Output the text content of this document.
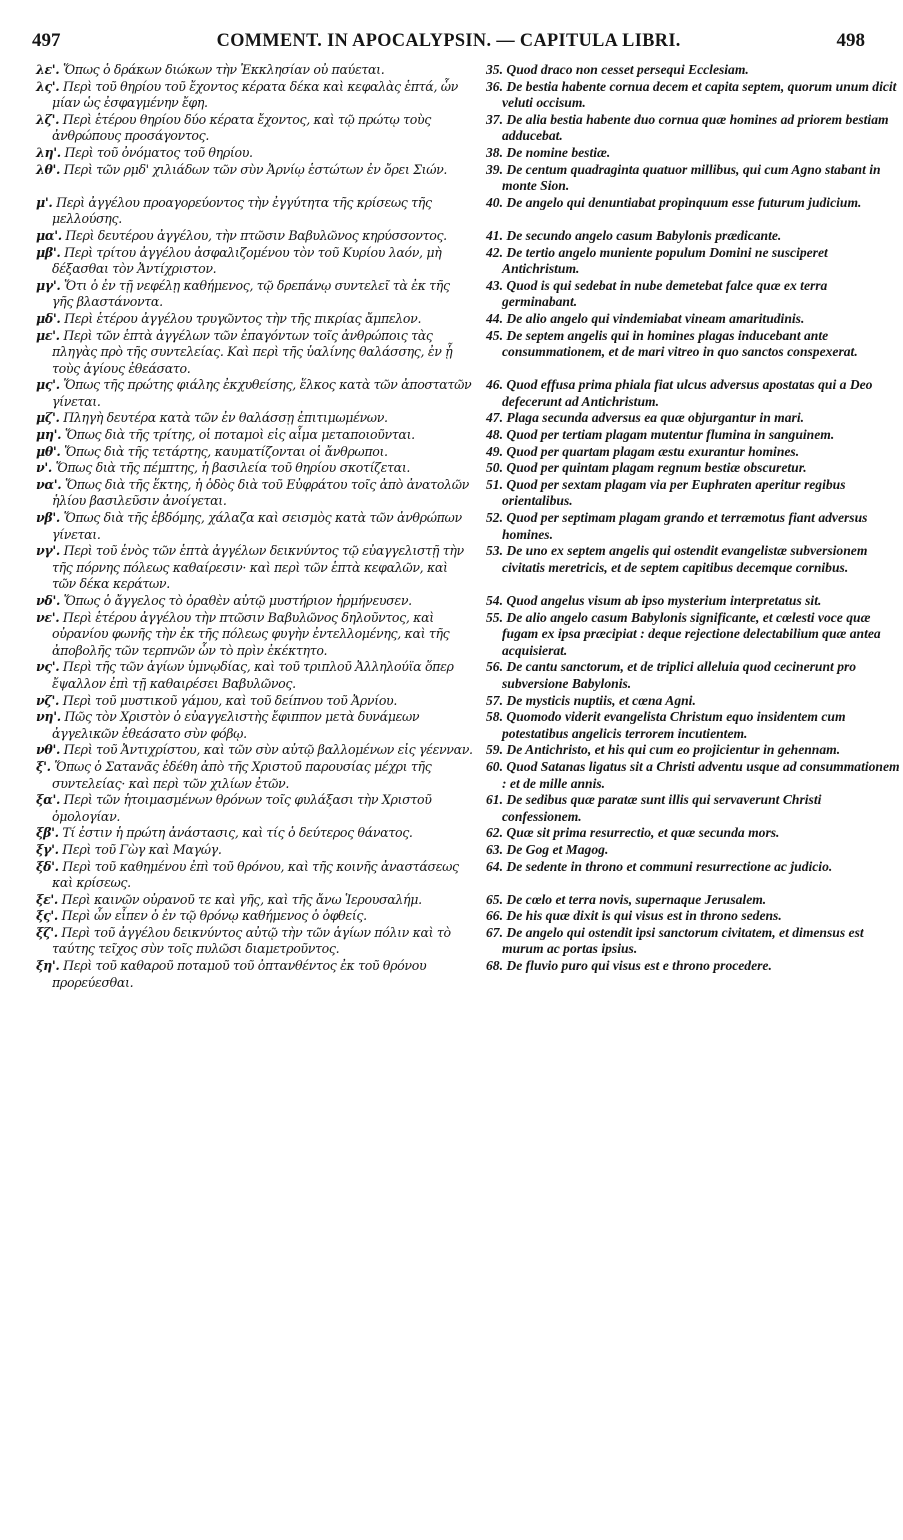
497	COMMENT. IN APOCALYPSIN. — CAPITULA LIBRI.	498
λε'. Ὅπως ὁ δράκων διώκων τὴν Ἐκκλησίαν οὐ παύεται.	35. Quod draco non cesset persequi Ecclesiam.
λς'. Περὶ τοῦ θηρίου τοῦ ἔχοντος κέρατα δέκα καὶ κεφαλὰς ἑπτά, ὧν μίαν ὡς ἐσφαγμένην ἔφη.
36. De bestia habente cornua decem et capita septem, quorum unum dicit veluti occisum.
λζ'. Περὶ ἑτέρου θηρίου δύο κέρατα ἔχοντος, καὶ τῷ πρώτῳ τοὺς ἀνθρώπους προσάγοντος.
37. De alia bestia habente duo cornua quæ homines ad priorem bestiam adducebat.
λη'. Περὶ τοῦ ὀνόματος τοῦ θηρίου.	38. De nomine bestiæ.
λθ'. Περὶ τῶν ρμδ' χιλιάδων τῶν σὺν Ἀρνίῳ ἑστώτων ἐν ὄρει Σιών.	39. De centum quadraginta quatuor millibus, qui cum Agno stabant in monte Sion.
μ'. Περὶ ἀγγέλου προαγορεύοντος τὴν ἐγγύτητα τῆς κρίσεως τῆς μελλούσης.
40. De angelo qui denuntiabat propinquum esse futurum judicium.
μα'. Περὶ δευτέρου ἀγγέλου, τὴν πτῶσιν Βαβυλῶνος κηρύσσοντος.	41. De secundo angelo casum Babylonis prædicante.
μβ'. Περὶ τρίτου ἀγγέλου ἀσφαλιζομένου τὸν τοῦ Κυρίου λαόν, μὴ δέξασθαι τὸν Ἀντίχριστον.
42. De tertio angelo muniente populum Domini ne susciperet Antichristum.
μγ'. Ὅτι ὁ ἐν τῇ νεφέλῃ καθήμενος, τῷ δρεπάνῳ συντελεῖ τὰ ἐκ τῆς γῆς βλαστάνοντα.
43. Quod is qui sedebat in nube demetebat falce quæ ex terra germinabant.
μδ'. Περὶ ἑτέρου ἀγγέλου τρυγῶντος τὴν τῆς πικρίας ἄμπελον.	44. De alio angelo qui vindemiabat vineam amaritudinis.
με'. Περὶ τῶν ἑπτὰ ἀγγέλων τῶν ἐπαγόντων τοῖς ἀνθρώποις τὰς πληγὰς πρὸ τῆς συντελείας. Καὶ περὶ τῆς ὑαλίνης θαλάσσης, ἐν ᾗ τοὺς ἁγίους ἐθεάσατο.
45. De septem angelis qui in homines plagas inducebant ante consummationem, et de mari vitreo in quo sanctos conspexerat.
μς'. Ὅπως τῆς πρώτης φιάλης ἐκχυθείσης, ἕλκος κατὰ τῶν ἀποστατῶν γίνεται.
46. Quod effusa prima phiala fiat ulcus adversus apostatas qui a Deo defecerunt ad Antichristum.
μζ'. Πληγὴ δευτέρα κατὰ τῶν ἐν θαλάσσῃ ἐπιτιμωμένων.	47. Plaga secunda adversus ea quæ objurgantur in mari.
μη'. Ὅπως διὰ τῆς τρίτης, οἱ ποταμοὶ εἰς αἷμα μεταποιοῦνται.	48. Quod per tertiam plagam mutentur flumina in sanguinem.
μθ'. Ὅπως διὰ τῆς τετάρτης, καυματίζονται οἱ ἄνθρωποι.	49. Quod per quartam plagam æstu exurantur homines.
ν'. Ὅπως διὰ τῆς πέμπτης, ἡ βασιλεία τοῦ θηρίου σκοτίζεται.	50. Quod per quintam plagam regnum bestiæ obscuretur.
να'. Ὅπως διὰ τῆς ἕκτης, ἡ ὁδὸς διὰ τοῦ Εὐφράτου τοῖς ἀπὸ ἀνατολῶν ἡλίου βασιλεῦσιν ἀνοίγεται.
51. Quod per sextam plagam via per Euphraten aperitur regibus orientalibus.
νβ'. Ὅπως διὰ τῆς ἑβδόμης, χάλαζα καὶ σεισμὸς κατὰ τῶν ἀνθρώπων γίνεται.
52. Quod per septimam plagam grando et terræmotus fiant adversus homines.
νγ'. Περὶ τοῦ ἑνὸς τῶν ἑπτὰ ἀγγέλων δεικνύντος τῷ εὐαγγελιστῇ τὴν τῆς πόρνης πόλεως καθαίρεσιν· καὶ περὶ τῶν ἑπτὰ κεφαλῶν, καὶ τῶν δέκα κεράτων.
53. De uno ex septem angelis qui ostendit evangelistæ subversionem civitatis meretricis, et de septem capitibus decemque cornibus.
νδ'. Ὅπως ὁ ἄγγελος τὸ ὁραθὲν αὐτῷ μυστήριον ἡρμήνευσεν.	54. Quod angelus visum ab ipso mysterium interpretatus sit.
νε'. Περὶ ἑτέρου ἀγγέλου τὴν πτῶσιν Βαβυλῶνος δηλοῦντος, καὶ οὐρανίου φωνῆς τὴν ἐκ τῆς πόλεως φυγὴν ἐντελλομένης, καὶ τῆς ἀποβολῆς τῶν τερπνῶν ὧν τὸ πρὶν ἐκέκτητο.
55. De alio angelo casum Babylonis significante, et cœlesti voce quæ fugam ex ipsa præcipiat : deque rejectione delectabilium quæ antea acquisierat.
νς'. Περὶ τῆς τῶν ἁγίων ὑμνῳδίας, καὶ τοῦ τριπλοῦ Ἀλληλούϊα ὅπερ ἔψαλλον ἐπὶ τῇ καθαιρέσει Βαβυλῶνος.
56. De cantu sanctorum, et de triplici alleluia quod cecinerunt pro subversione Babylonis.
νζ'. Περὶ τοῦ μυστικοῦ γάμου, καὶ τοῦ δείπνου τοῦ Ἀρνίου.	57. De mysticis nuptiis, et cœna Agni.
νη'. Πῶς τὸν Χριστὸν ὁ εὐαγγελιστὴς ἔφιππον μετὰ δυνάμεων ἀγγελικῶν ἐθεάσατο σὺν φόβῳ.
58. Quomodo viderit evangelista Christum equo insidentem cum potestatibus angelicis terrorem incutientem.
νθ'. Περὶ τοῦ Ἀντιχρίστου, καὶ τῶν σὺν αὐτῷ βαλλομένων εἰς γέενναν. 59. De Antichristo, et his qui cum eo projicientur in gehennam.
ξ'. Ὅπως ὁ Σατανᾶς ἐδέθη ἀπὸ τῆς Χριστοῦ παρουσίας μέχρι τῆς συντελείας· καὶ περὶ τῶν χιλίων ἐτῶν.
60. Quod Satanas ligatus sit a Christi adventu usque ad consummationem : et de mille annis.
ξα'. Περὶ τῶν ἡτοιμασμένων θρόνων τοῖς φυλάξασι τὴν Χριστοῦ ὁμολογίαν.
61. De sedibus quæ paratæ sunt illis qui servaverunt Christi confessionem.
ξβ'. Τί ἐστιν ἡ πρώτη ἀνάστασις, καὶ τίς ὁ δεύτερος θάνατος.	62. Quæ sit prima resurrectio, et quæ secunda mors.
ξγ'. Περὶ τοῦ Γὼγ καὶ Μαγώγ.	63. De Gog et Magog.
ξδ'. Περὶ τοῦ καθημένου ἐπὶ τοῦ θρόνου, καὶ τῆς κοινῆς ἀναστάσεως καὶ κρίσεως.
64. De sedente in throno et communi resurrectione ac judicio.
ξε'. Περὶ καινῶν οὐρανοῦ τε καὶ γῆς, καὶ τῆς ἄνω Ἱερουσαλήμ.	65. De cœlo et terra novis, supernaque Jerusalem.
ξς'. Περὶ ὧν εἶπεν ὁ ἐν τῷ θρόνῳ καθήμενος ὁ ὀφθείς.	66. De his quæ dixit is qui visus est in throno sedens.
ξζ'. Περὶ τοῦ ἀγγέλου δεικνύντος αὐτῷ τὴν τῶν ἁγίων πόλιν καὶ τὸ ταύτης τεῖχος σὺν τοῖς πυλῶσι διαμετροῦντος.
67. De angelo qui ostendit ipsi sanctorum civitatem, et dimensus est murum ac portas ipsius.
ξη'. Περὶ τοῦ καθαροῦ ποταμοῦ τοῦ ὀπτανθέντος ἐκ τοῦ θρόνου προρεύεσθαι.
68. De fluvio puro qui visus est e throno procedere.
